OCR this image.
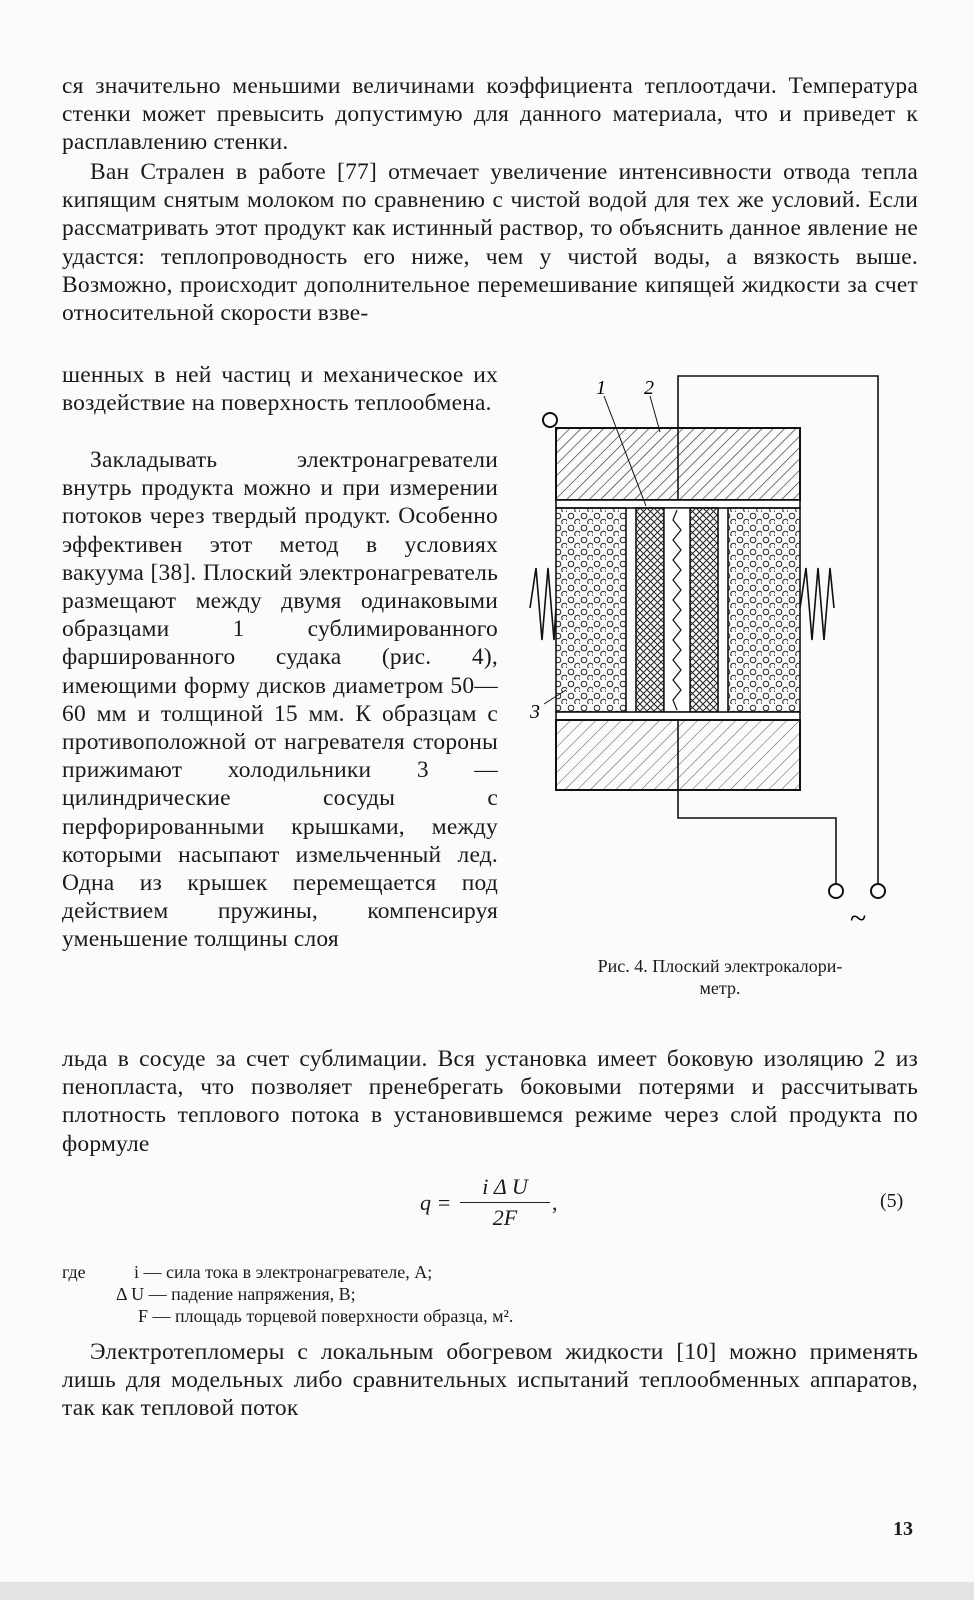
ся значительно меньшими величинами коэффициента теплоотдачи. Температура стенки может превысить допустимую для данного материала, что и приведет к расплавлению стенки.

Ван Стрален в работе [77] отмечает увеличение интенсивности отвода тепла кипящим снятым молоком по сравнению с чистой водой для тех же условий. Если рассматривать этот продукт как истинный раствор, то объяснить данное явление не удастся: теплопроводность его ниже, чем у чистой воды, а вязкость выше. Возможно, происходит дополнительное перемешивание кипящей жидкости за счет относительной скорости взве-

шенных в ней частиц и механическое их воздействие на поверхность теплообмена.

Закладывать электронагреватели внутрь продукта можно и при измерении потоков через твердый продукт. Особенно эффективен этот метод в условиях вакуума [38]. Плоский электронагреватель размещают между двумя одинаковыми образцами 1 сублимированного фаршированного судака (рис. 4), имеющими форму дисков диаметром 50—60 мм и толщиной 15 мм. К образцам с противоположной от нагревателя стороны прижимают холодильники 3 — цилиндрические сосуды с перфорированными крышками, между которыми насыпают измельченный лед. Одна из крышек перемещается под действием пружины, компенсируя уменьшение толщины слоя

льда в сосуде за счет сублимации. Вся установка имеет боковую изоляцию 2 из пенопласта, что позволяет пренебрегать боковыми потерями и рассчитывать плотность теплового потока в установившемся режиме через слой продукта по формуле

1 2
3
~
Рис. 4. Плоский электрокалори-
метр.
$q = \frac{\text{i Δ U}}{2F}$ ,	(5)
где	i — сила тока в электронагревателе, А;
Δ U — падение напряжения, В;
F — площадь торцевой поверхности образца, м².

Электротепломеры с локальным обогревом жидкости [10] можно применять лишь для модельных либо сравнительных испытаний теплообменных аппаратов, так как тепловой поток

13
